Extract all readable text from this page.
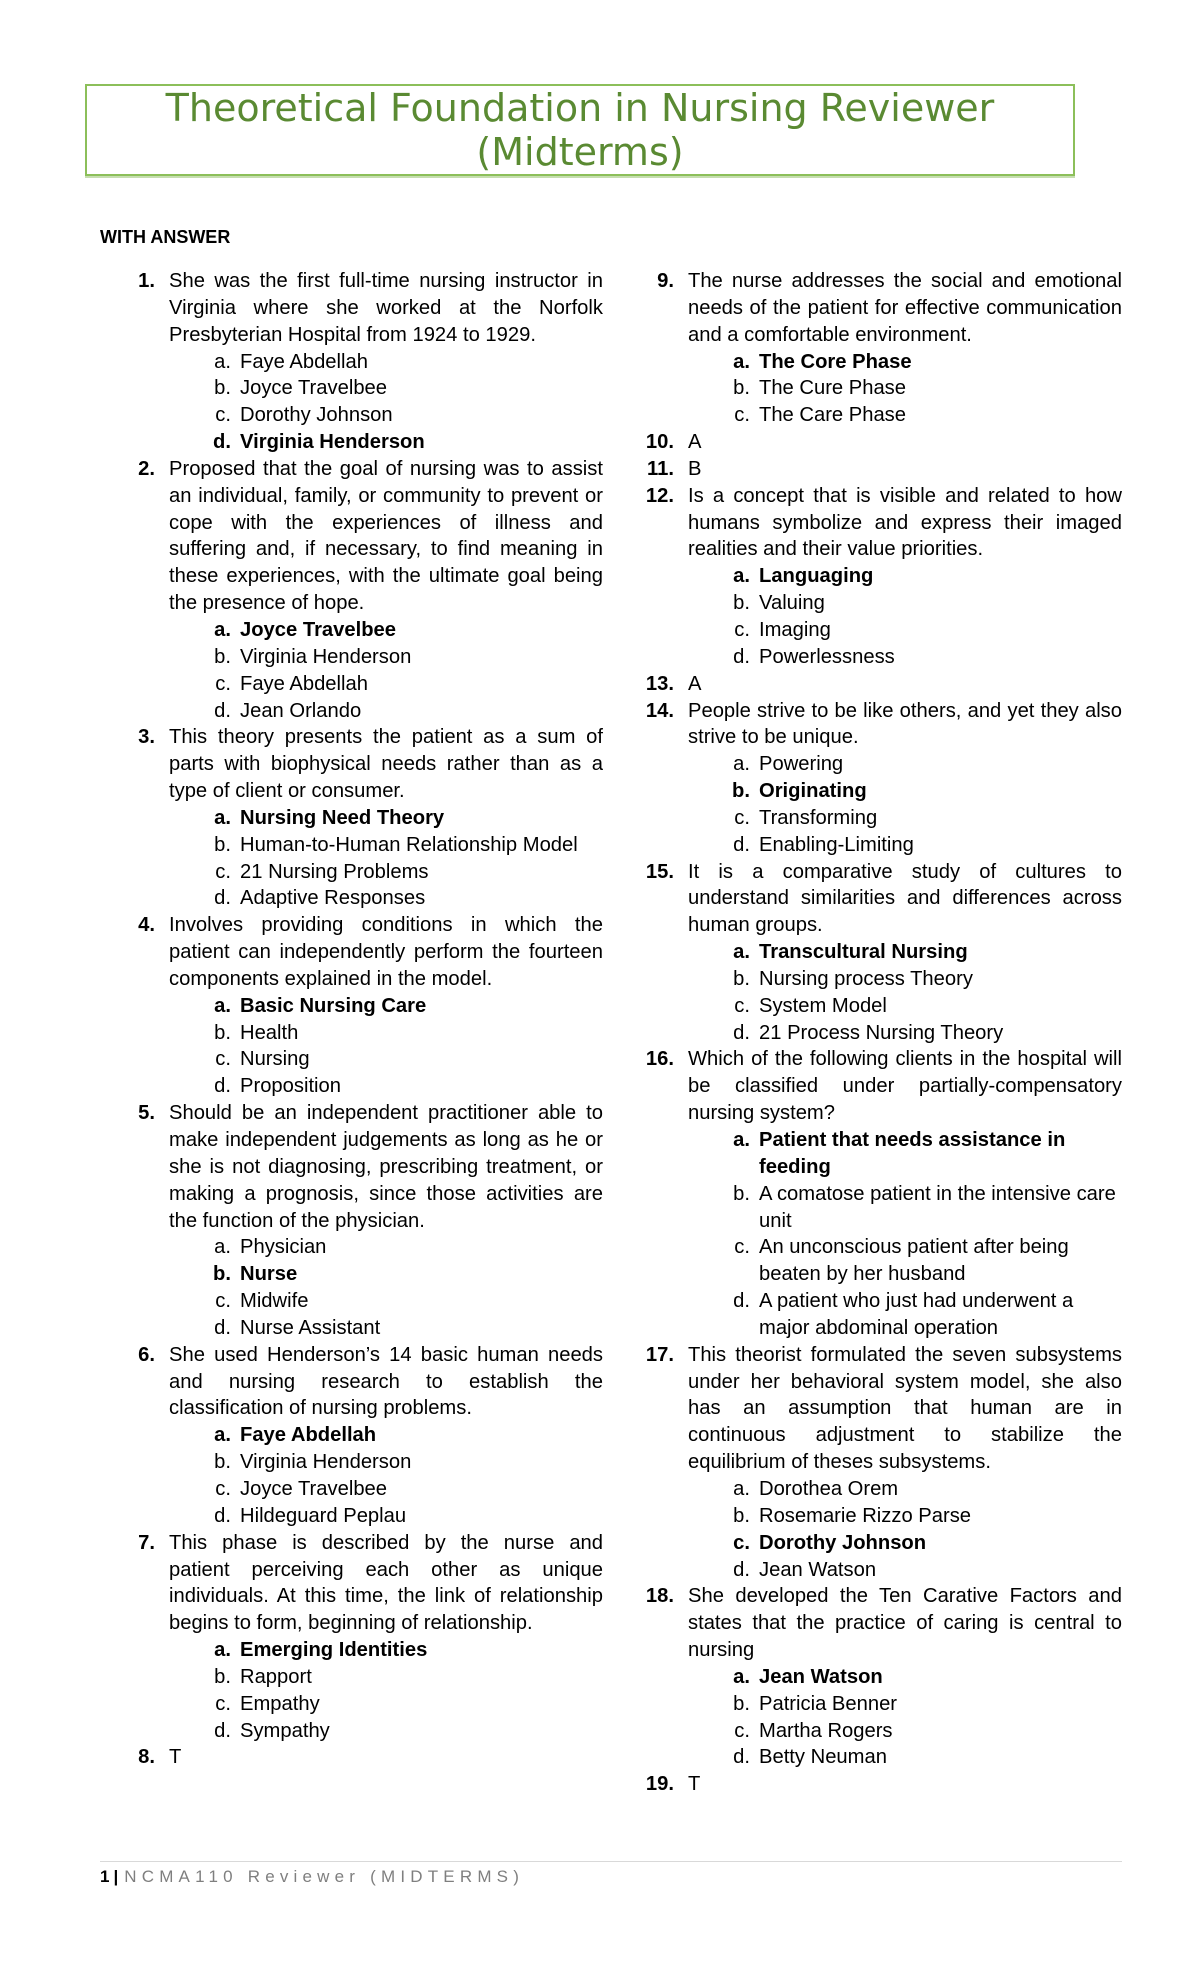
Theoretical Foundation in Nursing Reviewer
(Midterms)
WITH ANSWER
1. She was the first full-time nursing instructor in Virginia where she worked at the Norfolk Presbyterian Hospital from 1924 to 1929.
a. Faye Abdellah
b. Joyce Travelbee
c. Dorothy Johnson
d. Virginia Henderson
2. Proposed that the goal of nursing was to assist an individual, family, or community to prevent or cope with the experiences of illness and suffering and, if necessary, to find meaning in these experiences, with the ultimate goal being the presence of hope.
a. Joyce Travelbee
b. Virginia Henderson
c. Faye Abdellah
d. Jean Orlando
3. This theory presents the patient as a sum of parts with biophysical needs rather than as a type of client or consumer.
a. Nursing Need Theory
b. Human-to-Human Relationship Model
c. 21 Nursing Problems
d. Adaptive Responses
4. Involves providing conditions in which the patient can independently perform the fourteen components explained in the model.
a. Basic Nursing Care
b. Health
c. Nursing
d. Proposition
5. Should be an independent practitioner able to make independent judgements as long as he or she is not diagnosing, prescribing treatment, or making a prognosis, since those activities are the function of the physician.
a. Physician
b. Nurse
c. Midwife
d. Nurse Assistant
6. She used Henderson’s 14 basic human needs and nursing research to establish the classification of nursing problems.
a. Faye Abdellah
b. Virginia Henderson
c. Joyce Travelbee
d. Hildeguard Peplau
7. This phase is described by the nurse and patient perceiving each other as unique individuals. At this time, the link of relationship begins to form, beginning of relationship.
a. Emerging Identities
b. Rapport
c. Empathy
d. Sympathy
8. T
9. The nurse addresses the social and emotional needs of the patient for effective communication and a comfortable environment.
a. The Core Phase
b. The Cure Phase
c. The Care Phase
10. A
11. B
12. Is a concept that is visible and related to how humans symbolize and express their imaged realities and their value priorities.
a. Languaging
b. Valuing
c. Imaging
d. Powerlessness
13. A
14. People strive to be like others, and yet they also strive to be unique.
a. Powering
b. Originating
c. Transforming
d. Enabling-Limiting
15. It is a comparative study of cultures to understand similarities and differences across human groups.
a. Transcultural Nursing
b. Nursing process Theory
c. System Model
d. 21 Process Nursing Theory
16. Which of the following clients in the hospital will be classified under partially-compensatory nursing system?
a. Patient that needs assistance in feeding
b. A comatose patient in the intensive care unit
c. An unconscious patient after being beaten by her husband
d. A patient who just had underwent a major abdominal operation
17. This theorist formulated the seven subsystems under her behavioral system model, she also has an assumption that human are in continuous adjustment to stabilize the equilibrium of theses subsystems.
a. Dorothea Orem
b. Rosemarie Rizzo Parse
c. Dorothy Johnson
d. Jean Watson
18. She developed the Ten Carative Factors and states that the practice of caring is central to nursing
a. Jean Watson
b. Patricia Benner
c. Martha Rogers
d. Betty Neuman
19. T
1 | NCMA110 Reviewer (MIDTERMS)
